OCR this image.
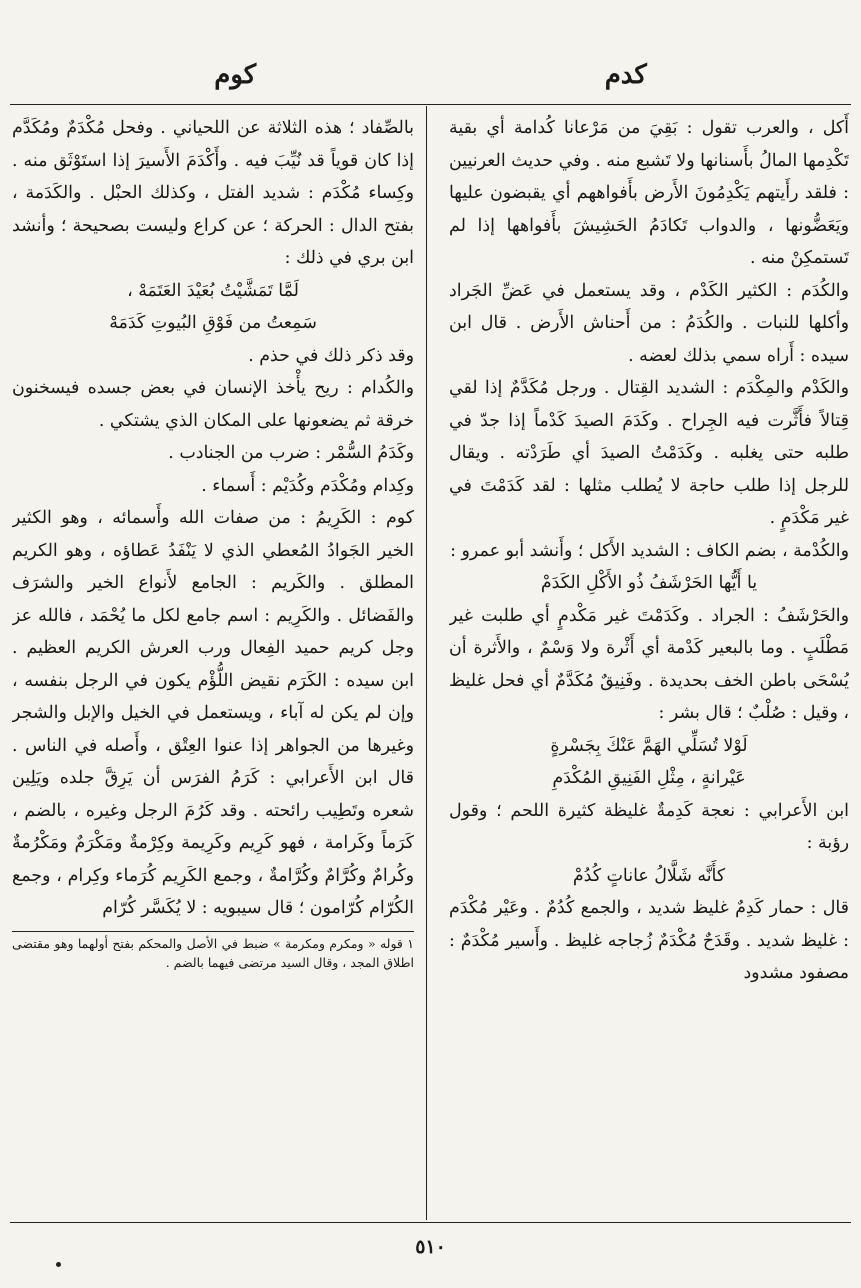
كدم
كوم

أَكل ، والعرب تقول : بَقِيَ من مَرْعانا كُدامة أي بقية تَكْدِمها المالُ بأَسنانها ولا تَشبع منه . وفي حديث العرنيين : فلقد رأَيتهم يَكْدِمُونَ الأَرض بأَفواههم أي يقبضون عليها ويَعَضُّونها ، والدواب تَكادَمُ الحَشِيشَ بأَفواهها إذا لم تَستمكِنْ منه .

والكُدَم : الكثير الكَدْم ، وقد يستعمل في عَضِّ الجَراد وأكلها للنبات . والكُدَمُ : من أَحناش الأَرض . قال ابن سيده : أَراه سمي بذلك لعضه .

والكَدْم والمِكْدَم : الشديد القِتال . ورجل مُكَدَّمٌ إذا لقي قِتالاً فأَثَّرت فيه الجِراح . وكَدَمَ الصيدَ كَدْماً إذا جدّ في طلبه حتى يغلبه . وكَدَمْتُ الصيدَ أي طَرَدْته . ويقال للرجل إذا طلب حاجة لا يُطلب مثلها : لقد كَدَمْتَ في غير مَكْدَمٍ .

والكُدْمة ، بضم الكاف : الشديد الأَكل ؛ وأَنشد أبو عمرو :

يا أَيُّها الحَرْشَفُ ذُو الأَكْلِ الكَدَمْ

والحَرْشَفُ : الجراد . وكَدَمْتَ غير مَكْدمٍ أي طلبت غير مَطْلَبٍ . وما بالبعير كَدْمة أي أَثْرة ولا وَسْمٌ ، والأَثرة أن يُسْحَى باطن الخف بحديدة . وفَنِيقٌ مُكَدَّمٌ أي فحل غليظ ، وقيل : صُلْبٌ ؛ قال بشر :

لَوْلا تُسَلِّي الهَمَّ عَنْكَ بِجَسْرةٍ

عَيْرانةٍ ، مِثْلِ الفَنِيقِ المُكْدَمِ

ابن الأَعرابي : نعجة كَدِمةٌ غليظة كثيرة اللحم ؛ وقول رؤبة :

كأَنَّه شَلَّالُ عاناتٍ كُدُمْ

قال : حمار كَدِمٌ غليظ شديد ، والجمع كُدُمٌ . وعَيْر مُكْدَم : غليظ شديد . وقَدَحٌ مُكْدَمٌ زُجاجه غليظ . وأَسير مُكْدَمٌ : مصفود مشدود

بالصِّفاد ؛ هذه الثلاثة عن اللحياني . وفحل مُكْدَمٌ ومُكَدَّم إذا كان قوياً قد نُيِّبَ فيه . وأَكْدَمَ الأَسيرَ إذا استَوْثَق منه . وكِساء مُكْدَم : شديد الفتل ، وكذلك الحبْل . والكَدَمة ، بفتح الدال : الحركة ؛ عن كراع وليست بصحيحة ؛ وأنشد ابن بري في ذلك :

لَمَّا تَمَشَّيْتُ بُعَيْدَ العَتَمَهْ ،

سَمِعتُ من فَوْقِ البُيوتِ كَدَمَهْ

وقد ذكر ذلك في حذم .

والكُدام : ريح يأْخذ الإنسان في بعض جسده فيسخنون خرقة ثم يضعونها على المكان الذي يشتكي .

وكَدَمُ السُّمْر : ضرب من الجنادب .

وكِدام ومُكْدَم وكُدَيْم : أَسماء .

كوم : الكَرِيمُ : من صفات الله وأَسمائه ، وهو الكثير الخير الجَوادُ المُعطي الذي لا يَنْفَدُ عَطاؤه ، وهو الكريم المطلق . والكَريم : الجامع لأَنواع الخير والشرَف والفَضائل . والكَرِيم : اسم جامع لكل ما يُحْمَد ، فالله عز وجل كريم حميد الفِعال ورب العرش الكريم العظيم . ابن سيده : الكَرَم نقيض اللُّؤْم يكون في الرجل بنفسه ، وإن لم يكن له آباء ، ويستعمل في الخيل والإبل والشجر وغيرها من الجواهر إذا عنوا العِتْق ، وأَصله في الناس . قال ابن الأَعرابي : كَرَمُ الفرَس أن يَرِقَّ جلده ويَلِين شعره وتَطِيب رائحته . وقد كَرُمَ الرجل وغيره ، بالضم ، كَرَماً وكَرامة ، فهو كَرِيم وكَرِيمة وكِرْمةٌ ومَكْرَمٌ ومَكْرُمةٌ وكُرامٌ وكُرَّامٌ وكُرَّامةٌ ، وجمع الكَرِيم كُرَماء وكِرام ، وجمع الكُرّام كُرّامون ؛ قال سيبويه : لا يُكَسَّر كُرّام

١ قوله « ومكرم ومكرمة » ضبط في الأصل والمحكم بفتح أولهما وهو مقتضى اطلاق المجد ، وقال السيد مرتضى فيهما بالضم .
٥١٠
